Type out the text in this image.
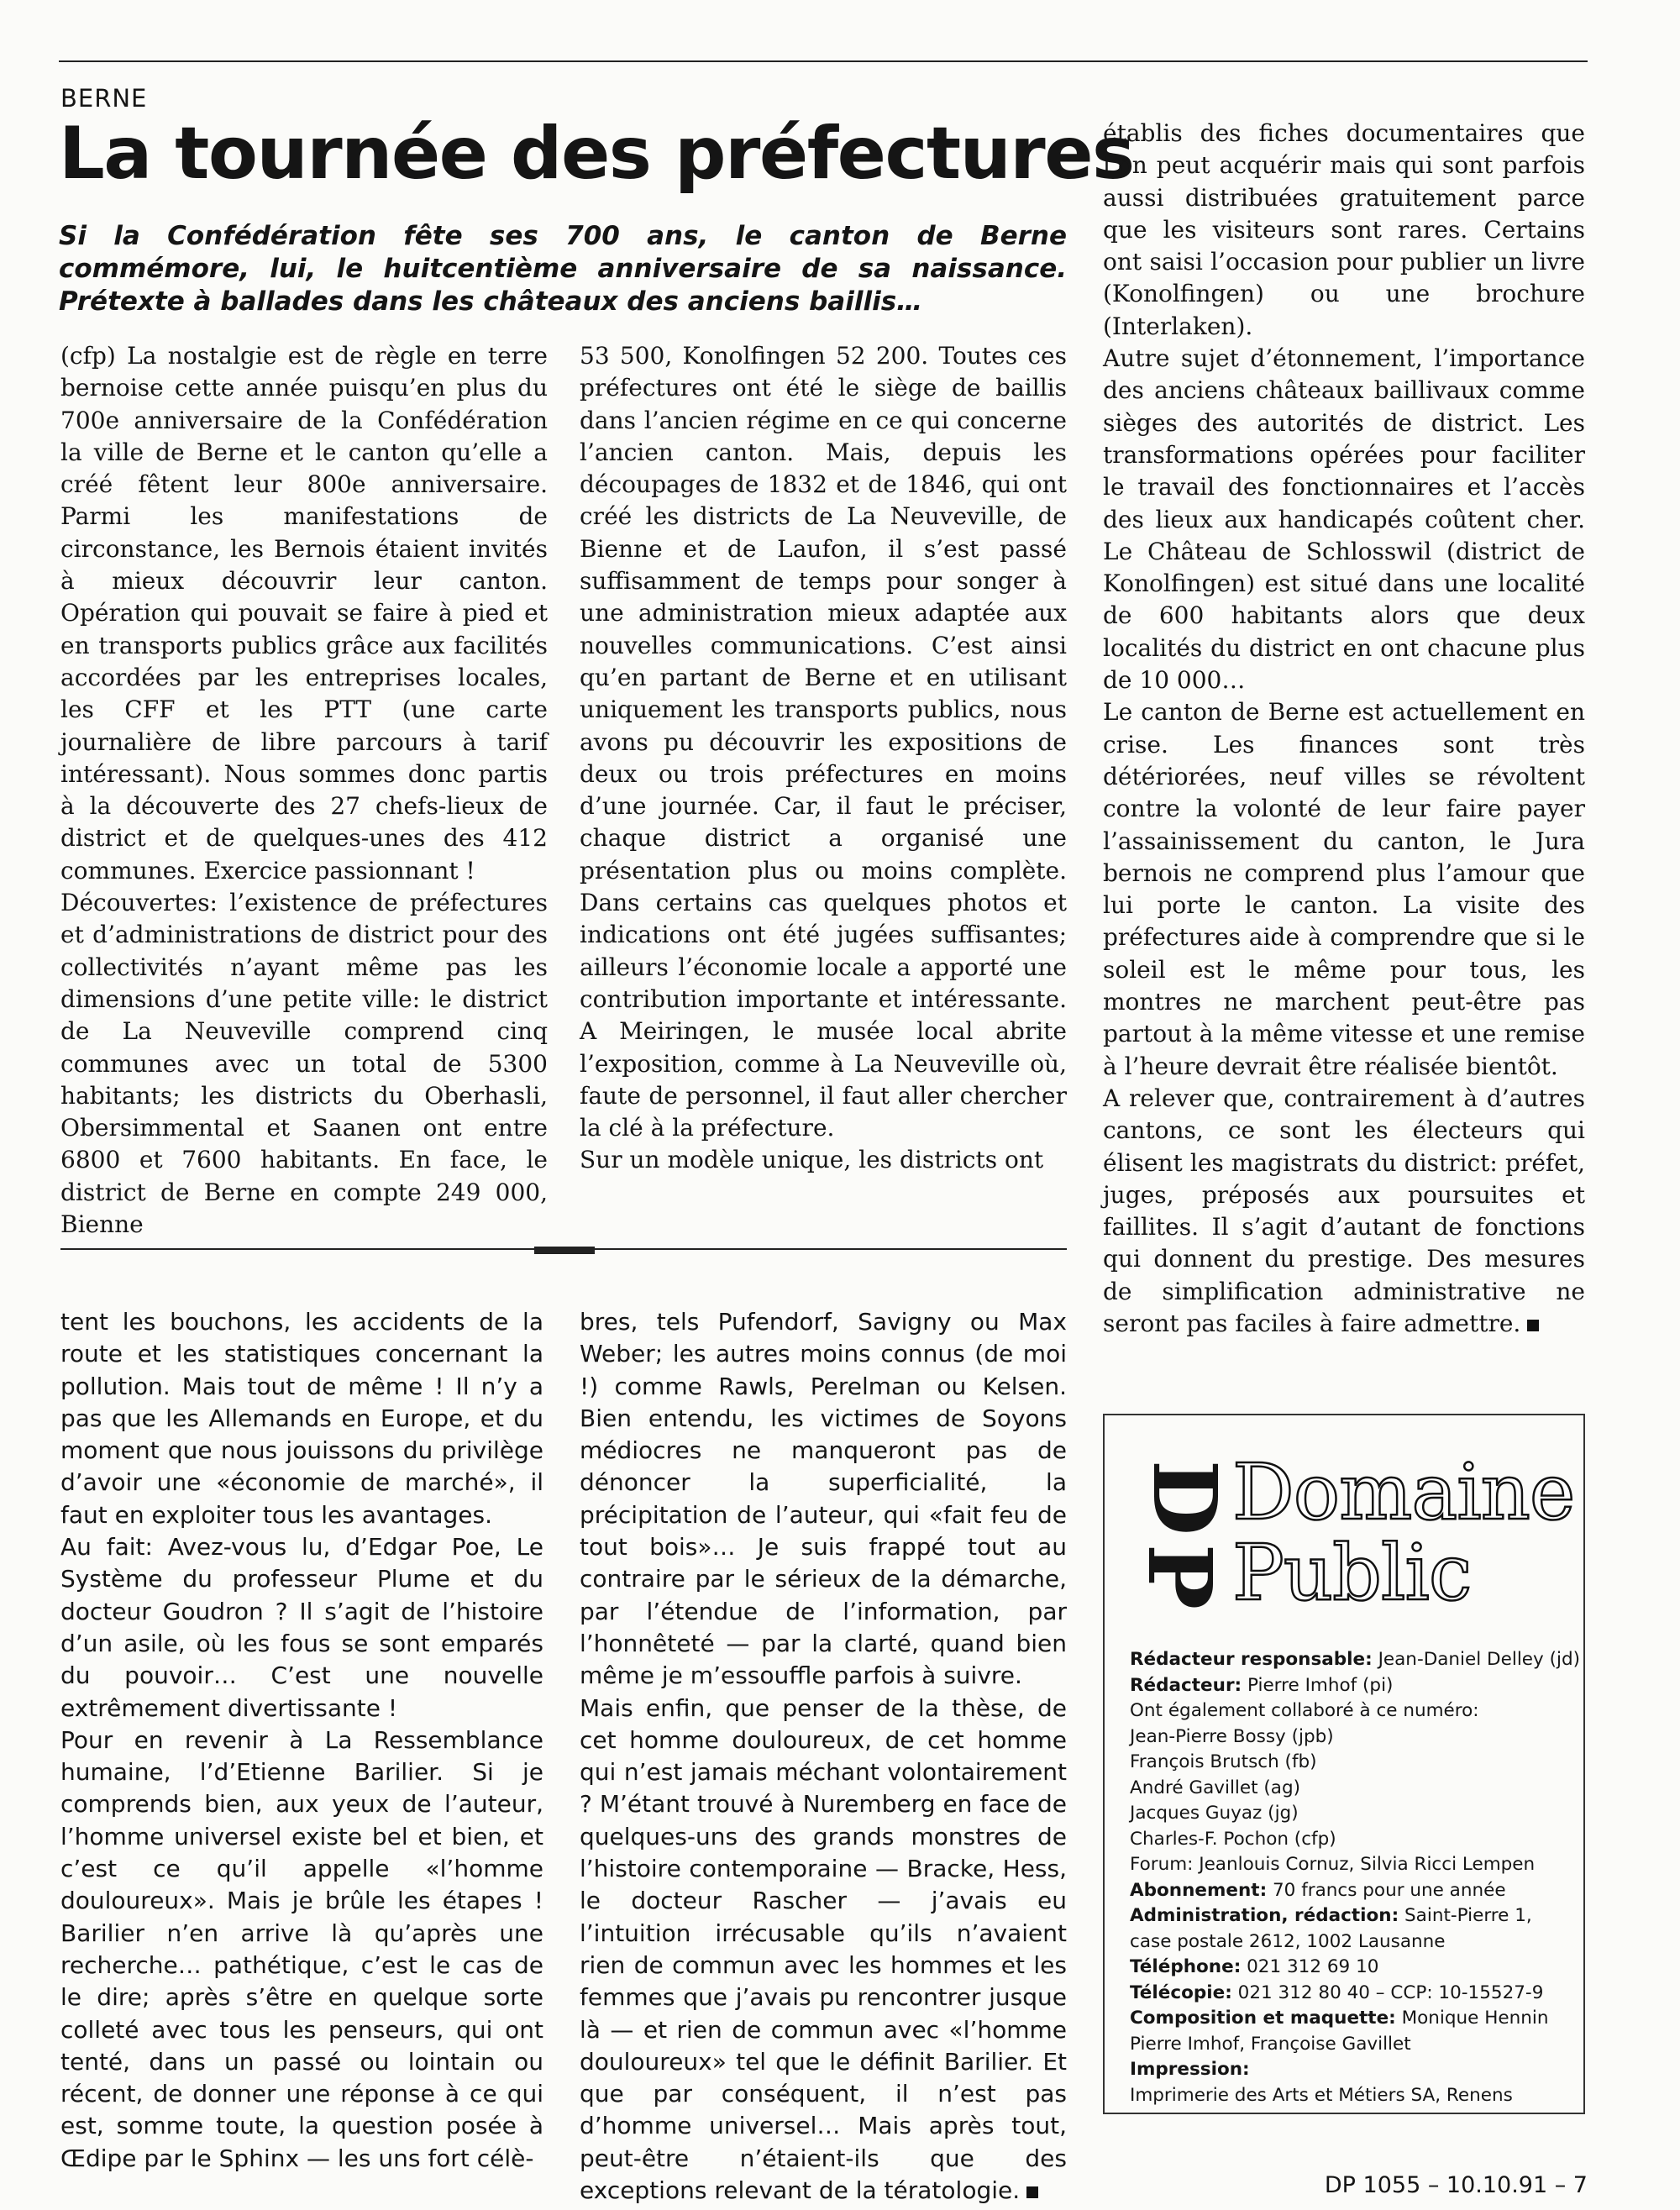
BERNE
La tournée des préfectures
Si la Confédération fête ses 700 ans, le canton de Berne commémore, lui, le huitcentième anniversaire de sa naissance. Prétexte à ballades dans les châteaux des anciens baillis…

(cfp) La nostalgie est de règle en terre bernoise cette année puisqu’en plus du 700e anniversaire de la Confédération la ville de Berne et le canton qu’elle a créé fêtent leur 800e anniversaire. Parmi les manifestations de circonstance, les Bernois étaient invités à mieux découvrir leur canton. Opération qui pouvait se faire à pied et en transports publics grâce aux facilités accordées par les entreprises locales, les CFF et les PTT (une carte journalière de libre parcours à tarif intéressant). Nous sommes donc partis à la découverte des 27 chefs-lieux de district et de quelques-unes des 412 communes. Exercice passionnant !

Découvertes: l’existence de préfectures et d’administrations de district pour des collectivités n’ayant même pas les dimensions d’une petite ville: le district de La Neuveville comprend cinq communes avec un total de 5300 habitants; les districts du Oberhasli, Obersimmental et Saanen ont entre 6800 et 7600 habitants. En face, le district de Berne en compte 249 000, Bienne

53 500, Konolfingen 52 200. Toutes ces préfectures ont été le siège de baillis dans l’ancien régime en ce qui concerne l’ancien canton. Mais, depuis les découpages de 1832 et de 1846, qui ont créé les districts de La Neuveville, de Bienne et de Laufon, il s’est passé suffisamment de temps pour songer à une administration mieux adaptée aux nouvelles communications. C’est ainsi qu’en partant de Berne et en utilisant uniquement les transports publics, nous avons pu découvrir les expositions de deux ou trois préfectures en moins d’une journée. Car, il faut le préciser, chaque district a organisé une présentation plus ou moins complète. Dans certains cas quelques photos et indications ont été jugées suffisantes; ailleurs l’économie locale a apporté une contribution importante et intéressante. A Meiringen, le musée local abrite l’exposition, comme à La Neuveville où, faute de personnel, il faut aller chercher la clé à la préfecture.

Sur un modèle unique, les districts ont

établis des fiches documentaires que l’on peut acquérir mais qui sont parfois aussi distribuées gratuitement parce que les visiteurs sont rares. Certains ont saisi l’occasion pour publier un livre (Konolfingen) ou une brochure (Interlaken).

Autre sujet d’étonnement, l’importance des anciens châteaux baillivaux comme sièges des autorités de district. Les transformations opérées pour faciliter le travail des fonctionnaires et l’accès des lieux aux handicapés coûtent cher. Le Château de Schlosswil (district de Konolfingen) est situé dans une localité de 600 habitants alors que deux localités du district en ont chacune plus de 10 000…

Le canton de Berne est actuellement en crise. Les finances sont très détériorées, neuf villes se révoltent contre la volonté de leur faire payer l’assainissement du canton, le Jura bernois ne comprend plus l’amour que lui porte le canton. La visite des préfectures aide à comprendre que si le soleil est le même pour tous, les montres ne marchent peut-être pas partout à la même vitesse et une remise à l’heure devrait être réalisée bientôt.

A relever que, contrairement à d’autres cantons, ce sont les électeurs qui élisent les magistrats du district: préfet, juges, préposés aux poursuites et faillites. Il s’agit d’autant de fonctions qui donnent du prestige. Des mesures de simplification administrative ne seront pas faciles à faire admettre.

tent les bouchons, les accidents de la route et les statistiques concernant la pollution. Mais tout de même ! Il n’y a pas que les Allemands en Europe, et du moment que nous jouissons du privilège d’avoir une «économie de marché», il faut en exploiter tous les avantages.

Au fait: Avez-vous lu, d’Edgar Poe, Le Système du professeur Plume et du docteur Goudron ? Il s’agit de l’histoire d’un asile, où les fous se sont emparés du pouvoir… C’est une nouvelle extrêmement divertissante !

Pour en revenir à La Ressemblance humaine, l’d’Etienne Barilier. Si je comprends bien, aux yeux de l’auteur, l’homme universel existe bel et bien, et c’est ce qu’il appelle «l’homme douloureux». Mais je brûle les étapes ! Barilier n’en arrive là qu’après une recherche… pathétique, c’est le cas de le dire; après s’être en quelque sorte colleté avec tous les penseurs, qui ont tenté, dans un passé ou lointain ou récent, de donner une réponse à ce qui est, somme toute, la question posée à Œdipe par le Sphinx — les uns fort célè-

bres, tels Pufendorf, Savigny ou Max Weber; les autres moins connus (de moi !) comme Rawls, Perelman ou Kelsen. Bien entendu, les victimes de Soyons médiocres ne manqueront pas de dénoncer la superficialité, la précipitation de l’auteur, qui «fait feu de tout bois»… Je suis frappé tout au contraire par le sérieux de la démarche, par l’étendue de l’information, par l’honnêteté — par la clarté, quand bien même je m’essouffle parfois à suivre.

Mais enfin, que penser de la thèse, de cet homme douloureux, de cet homme qui n’est jamais méchant volontairement ? M’étant trouvé à Nuremberg en face de quelques-uns des grands monstres de l’histoire contemporaine — Bracke, Hess, le docteur Rascher — j’avais eu l’intuition irrécusable qu’ils n’avaient rien de commun avec les hommes et les femmes que j’avais pu rencontrer jusque là — et rien de commun avec «l’homme douloureux» tel que le définit Barilier. Et que par conséquent, il n’est pas d’homme universel… Mais après tout, peut-être n’étaient-ils que des exceptions relevant de la tératologie.

D
P
Domaine
Public
Rédacteur responsable: Jean-Daniel Delley (jd)
Rédacteur: Pierre Imhof (pi)
Ont également collaboré à ce numéro:
Jean-Pierre Bossy (jpb)
François Brutsch (fb)
André Gavillet (ag)
Jacques Guyaz (jg)
Charles-F. Pochon (cfp)
Forum: Jeanlouis Cornuz, Silvia Ricci Lempen
Abonnement: 70 francs pour une année
Administration, rédaction: Saint-Pierre 1,
case postale 2612, 1002 Lausanne
Téléphone: 021 312 69 10
Télécopie: 021 312 80 40 – CCP: 10-15527-9
Composition et maquette: Monique Hennin
Pierre Imhof, Françoise Gavillet
Impression:
Imprimerie des Arts et Métiers SA, Renens
DP 1055 – 10.10.91 – 7
